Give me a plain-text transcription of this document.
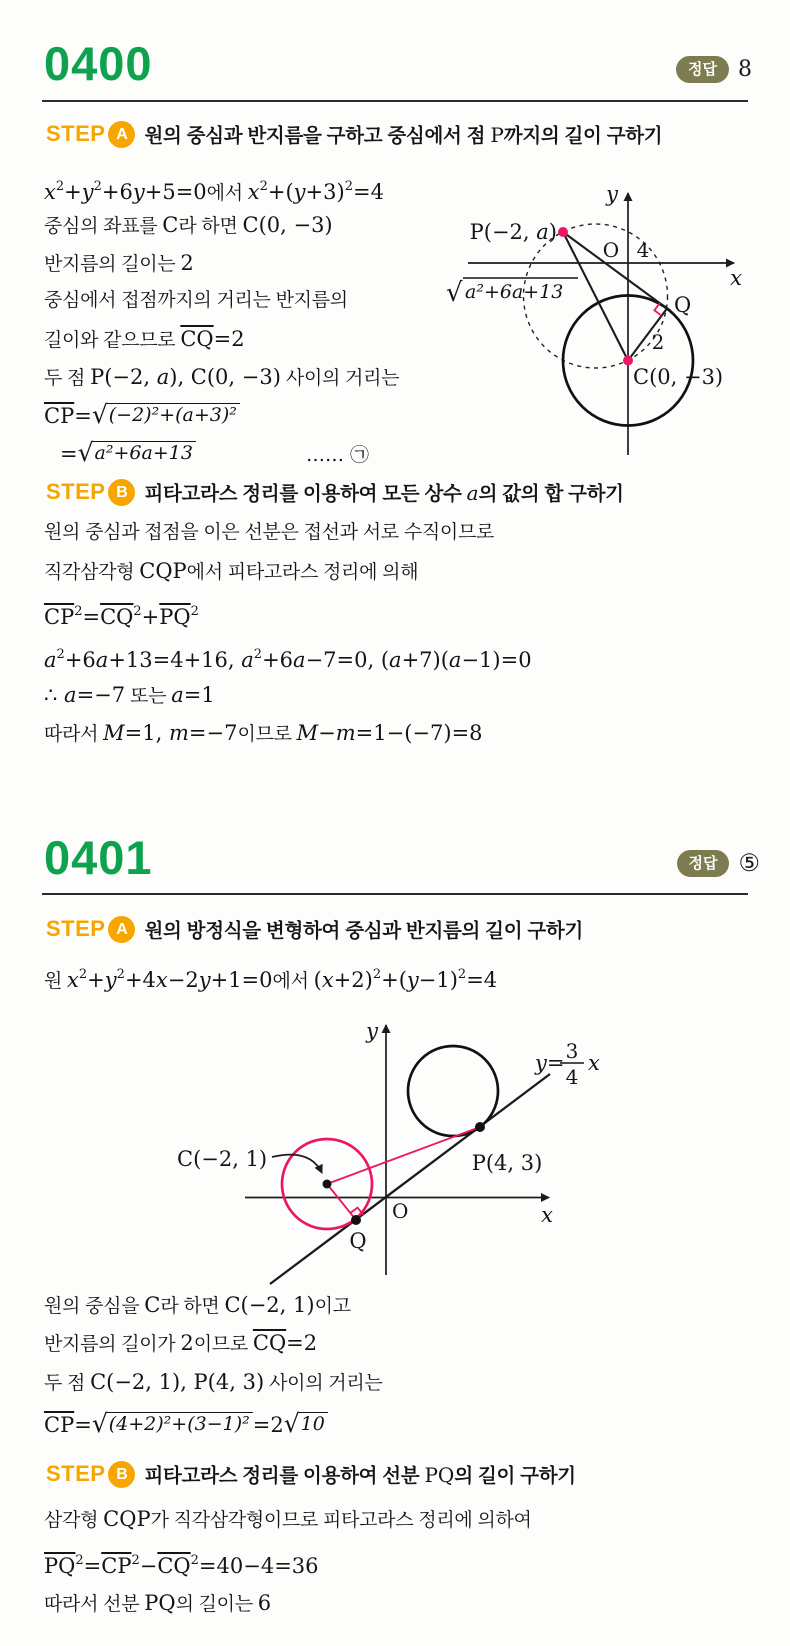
0400	정답 8
STEP A 원의 중심과 반지름을 구하고 중심에서 점 P까지의 길이 구하기
$x^2+y^2+6y+5=0$에서 $x^2+(y+3)^2=4$
중심의 좌표를 C라 하면 C(0, −3)
반지름의 길이는 2
중심에서 접점까지의 거리는 반지름의
길이와 같으므로 $\overline{CQ}=2$
두 점 P(−2, a), C(0, −3) 사이의 거리는
$\overline{CP}=√(-2)^2+(a+3)^2$
=√a²+6a+13	…… ㉠
y
x
O 4
P(−2, a)
√ a²+6a+13
Q
2
C(0, −3)
STEP B 피타고라스 정리를 이용하여 모든 상수 a의 값의 합 구하기
원의 중심과 접점을 이은 선분은 접선과 서로 수직이므로
직각삼각형 CQP에서 피타고라스 정리에 의해
$\overline{CP}^2=\overline{CQ}^2+\overline{PQ}^2$
$a^2+6a+13=4+16$, $a^2+6a-7=0$, (a+7)(a−1)=0
∴ a=−7 또는 a=1
따라서 M=1, m=−7이므로 M−m=1−(−7)=8
0401	정답 ⑤
STEP A 원의 방정식을 변형하여 중심과 반지름의 길이 구하기
원 $x^2+y^2+4x-2y+1=0$에서 $(x+2)^2+(y-1)^2=4$
y
x
O
C(−2, 1)	P(4, 3)
Q
y= 3
4
x
원의 중심을 C라 하면 C(−2, 1)이고
반지름의 길이가 2이므로 $\overline{CQ}=2$
두 점 C(−2, 1), P(4, 3) 사이의 거리는
$\overline{CP}=√(4+2)^2+(3-1)^2 =2√10$
STEP B 피타고라스 정리를 이용하여 선분 PQ의 길이 구하기
삼각형 CQP가 직각삼각형이므로 피타고라스 정리에 의하여
$\overline{PQ}^2=\overline{CP}^2-\overline{CQ}^2=40-4=36$
따라서 선분 PQ의 길이는 6
